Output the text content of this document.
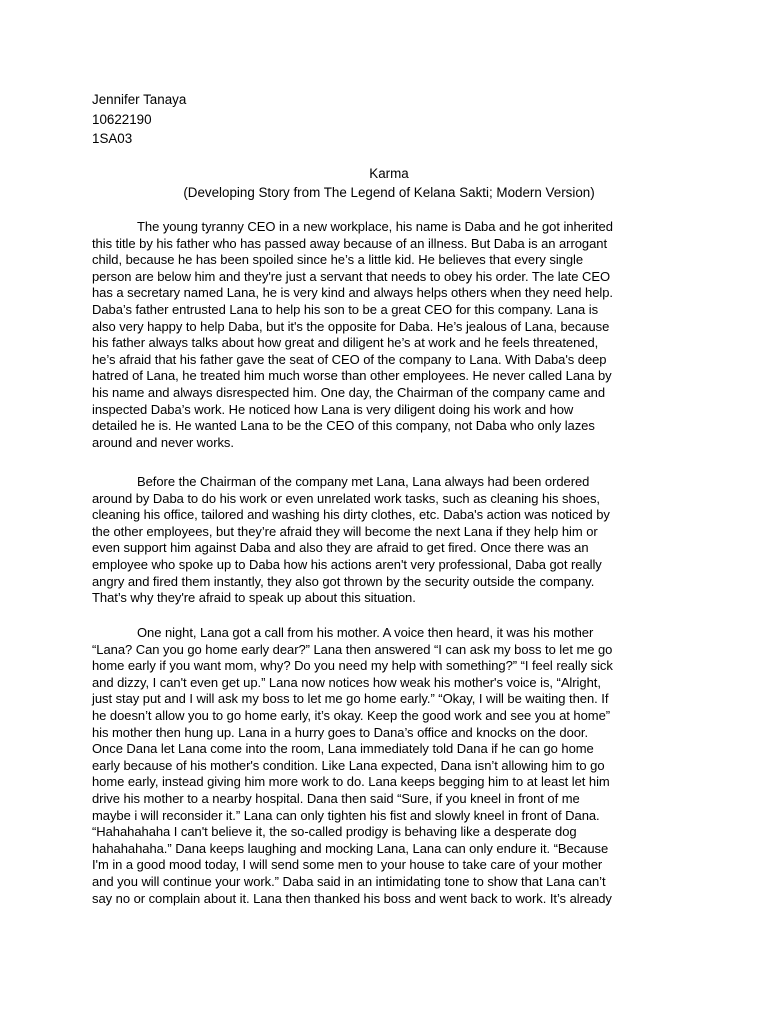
Jennifer Tanaya
10622190
1SA03
Karma
(Developing Story from The Legend of Kelana Sakti; Modern Version)
The young tyranny CEO in a new workplace, his name is Daba and he got inherited
this title by his father who has passed away because of an illness. But Daba is an arrogant
child, because he has been spoiled since he’s a little kid. He believes that every single
person are below him and they're just a servant that needs to obey his order. The late CEO
has a secretary named Lana, he is very kind and always helps others when they need help.
Daba’s father entrusted Lana to help his son to be a great CEO for this company. Lana is
also very happy to help Daba, but it's the opposite for Daba. He’s jealous of Lana, because
his father always talks about how great and diligent he’s at work and he feels threatened,
he’s afraid that his father gave the seat of CEO of the company to Lana. With Daba's deep
hatred of Lana, he treated him much worse than other employees. He never called Lana by
his name and always disrespected him. One day, the Chairman of the company came and
inspected Daba’s work. He noticed how Lana is very diligent doing his work and how
detailed he is. He wanted Lana to be the CEO of this company, not Daba who only lazes
around and never works.
Before the Chairman of the company met Lana, Lana always had been ordered
around by Daba to do his work or even unrelated work tasks, such as cleaning his shoes,
cleaning his office, tailored and washing his dirty clothes, etc. Daba's action was noticed by
the other employees, but they’re afraid they will become the next Lana if they help him or
even support him against Daba and also they are afraid to get fired. Once there was an
employee who spoke up to Daba how his actions aren't very professional, Daba got really
angry and fired them instantly, they also got thrown by the security outside the company.
That’s why they're afraid to speak up about this situation.
One night, Lana got a call from his mother. A voice then heard, it was his mother
“Lana? Can you go home early dear?” Lana then answered “I can ask my boss to let me go
home early if you want mom, why? Do you need my help with something?” “I feel really sick
and dizzy, I can't even get up.” Lana now notices how weak his mother's voice is, “Alright,
just stay put and I will ask my boss to let me go home early.” “Okay, I will be waiting then. If
he doesn’t allow you to go home early, it’s okay. Keep the good work and see you at home”
his mother then hung up. Lana in a hurry goes to Dana’s office and knocks on the door.
Once Dana let Lana come into the room, Lana immediately told Dana if he can go home
early because of his mother's condition. Like Lana expected, Dana isn’t allowing him to go
home early, instead giving him more work to do. Lana keeps begging him to at least let him
drive his mother to a nearby hospital. Dana then said “Sure, if you kneel in front of me
maybe i will reconsider it.” Lana can only tighten his fist and slowly kneel in front of Dana.
“Hahahahaha I can't believe it, the so-called prodigy is behaving like a desperate dog
hahahahaha.” Dana keeps laughing and mocking Lana, Lana can only endure it. “Because
I'm in a good mood today, I will send some men to your house to take care of your mother
and you will continue your work.” Daba said in an intimidating tone to show that Lana can’t
say no or complain about it. Lana then thanked his boss and went back to work. It’s already
